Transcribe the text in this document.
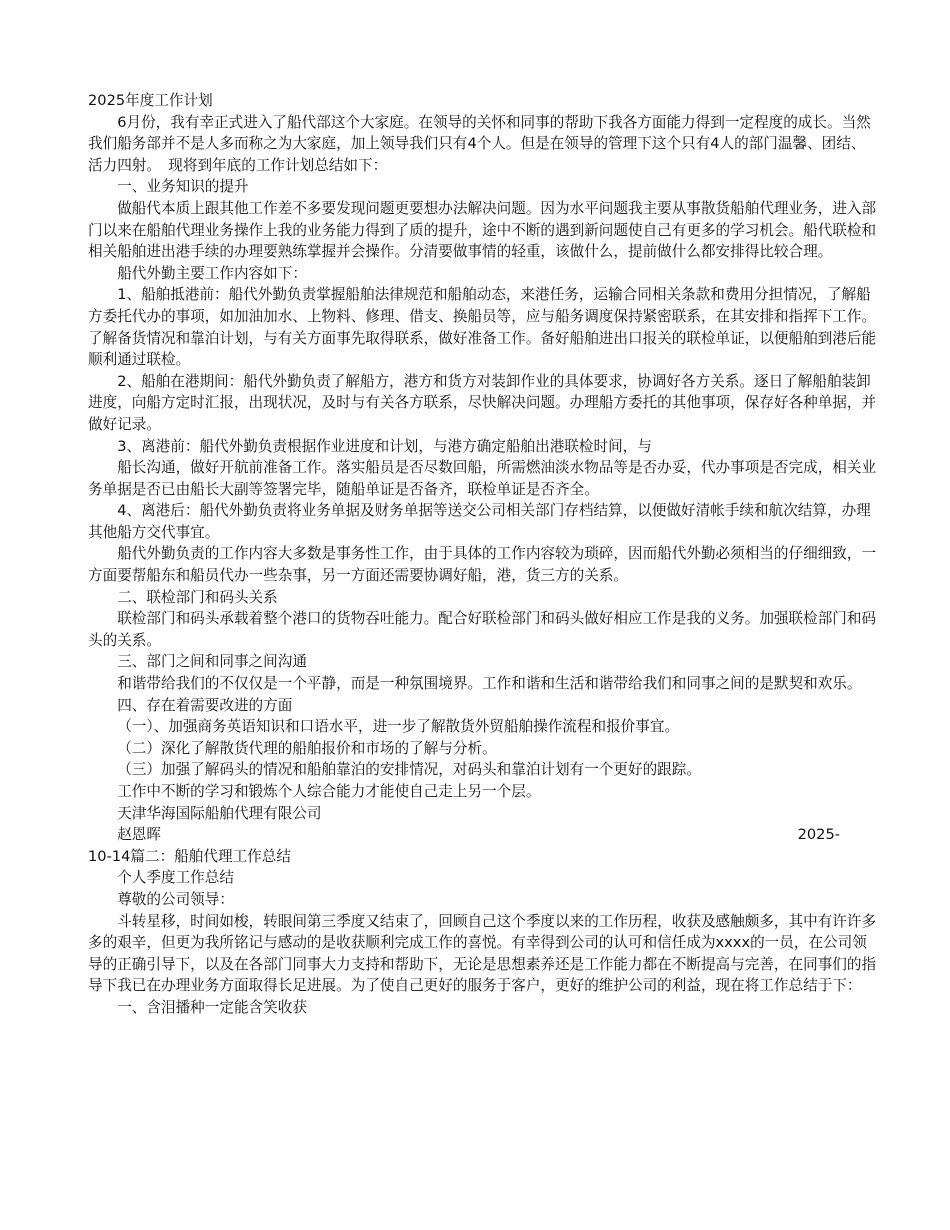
2025年度工作计划

6月份，我有幸正式进入了船代部这个大家庭。在领导的关怀和同事的帮助下我各方面能力得到一定程度的成长。当然我们船务部并不是人多而称之为大家庭，加上领导我们只有4个人。但是在领导的管理下这个只有4人的部门温馨、团结、活力四射。　现将到年底的工作计划总结如下：

一、业务知识的提升

做船代本质上跟其他工作差不多要发现问题更要想办法解决问题。因为水平问题我主要从事散货船舶代理业务，进入部门以来在船舶代理业务操作上我的业务能力得到了质的提升，途中不断的遇到新问题使自己有更多的学习机会。船代联检和相关船舶进出港手续的办理要熟练掌握并会操作。分清要做事情的轻重，该做什么，提前做什么都安排得比较合理。

船代外勤主要工作内容如下：

1、船舶抵港前：船代外勤负责掌握船舶法律规范和船舶动态，来港任务，运输合同相关条款和费用分担情况，了解船方委托代办的事项，如加油加水、上物料、修理、借支、换船员等，应与船务调度保持紧密联系，在其安排和指挥下工作。了解备货情况和靠泊计划，与有关方面事先取得联系，做好准备工作。备好船舶进出口报关的联检单证，以便船舶到港后能顺利通过联检。

2、船舶在港期间：船代外勤负责了解船方，港方和货方对装卸作业的具体要求，协调好各方关系。逐日了解船舶装卸进度，向船方定时汇报，出现状况，及时与有关各方联系，尽快解决问题。办理船方委托的其他事项，保存好各种单据，并做好记录。

3、离港前：船代外勤负责根据作业进度和计划，与港方确定船舶出港联检时间，与

船长沟通，做好开航前准备工作。落实船员是否尽数回船，所需燃油淡水物品等是否办妥，代办事项是否完成，相关业务单据是否已由船长大副等签署完毕，随船单证是否备齐，联检单证是否齐全。

4、离港后：船代外勤负责将业务单据及财务单据等送交公司相关部门存档结算，以便做好清帐手续和航次结算，办理其他船方交代事宜。

船代外勤负责的工作内容大多数是事务性工作，由于具体的工作内容较为琐碎，因而船代外勤必须相当的仔细细致，一方面要帮船东和船员代办一些杂事，另一方面还需要协调好船，港，货三方的关系。

二、联检部门和码头关系

联检部门和码头承载着整个港口的货物吞吐能力。配合好联检部门和码头做好相应工作是我的义务。加强联检部门和码头的关系。

三、部门之间和同事之间沟通

和谐带给我们的不仅仅是一个平静，而是一种氛围境界。工作和谐和生活和谐带给我们和同事之间的是默契和欢乐。

四、存在着需要改进的方面

（一）、加强商务英语知识和口语水平，进一步了解散货外贸船舶操作流程和报价事宜。

（二）深化了解散货代理的船舶报价和市场的了解与分析。

（三）加强了解码头的情况和船舶靠泊的安排情况，对码头和靠泊计划有一个更好的跟踪。

工作中不断的学习和锻炼个人综合能力才能使自己走上另一个层。

天津华海国际船舶代理有限公司

赵恩晖	2025-

10-14篇二：船舶代理工作总结

个人季度工作总结

尊敬的公司领导：

斗转星移，时间如梭，转眼间第三季度又结束了，回顾自己这个季度以来的工作历程，收获及感触颇多，其中有许许多多的艰辛，但更为我所铭记与感动的是收获顺利完成工作的喜悦。有幸得到公司的认可和信任成为xxxx的一员，在公司领导的正确引导下，以及在各部门同事大力支持和帮助下，无论是思想素养还是工作能力都在不断提高与完善，在同事们的指导下我已在办理业务方面取得长足进展。为了使自己更好的服务于客户，更好的维护公司的利益，现在将工作总结于下：

一、含泪播种一定能含笑收获
